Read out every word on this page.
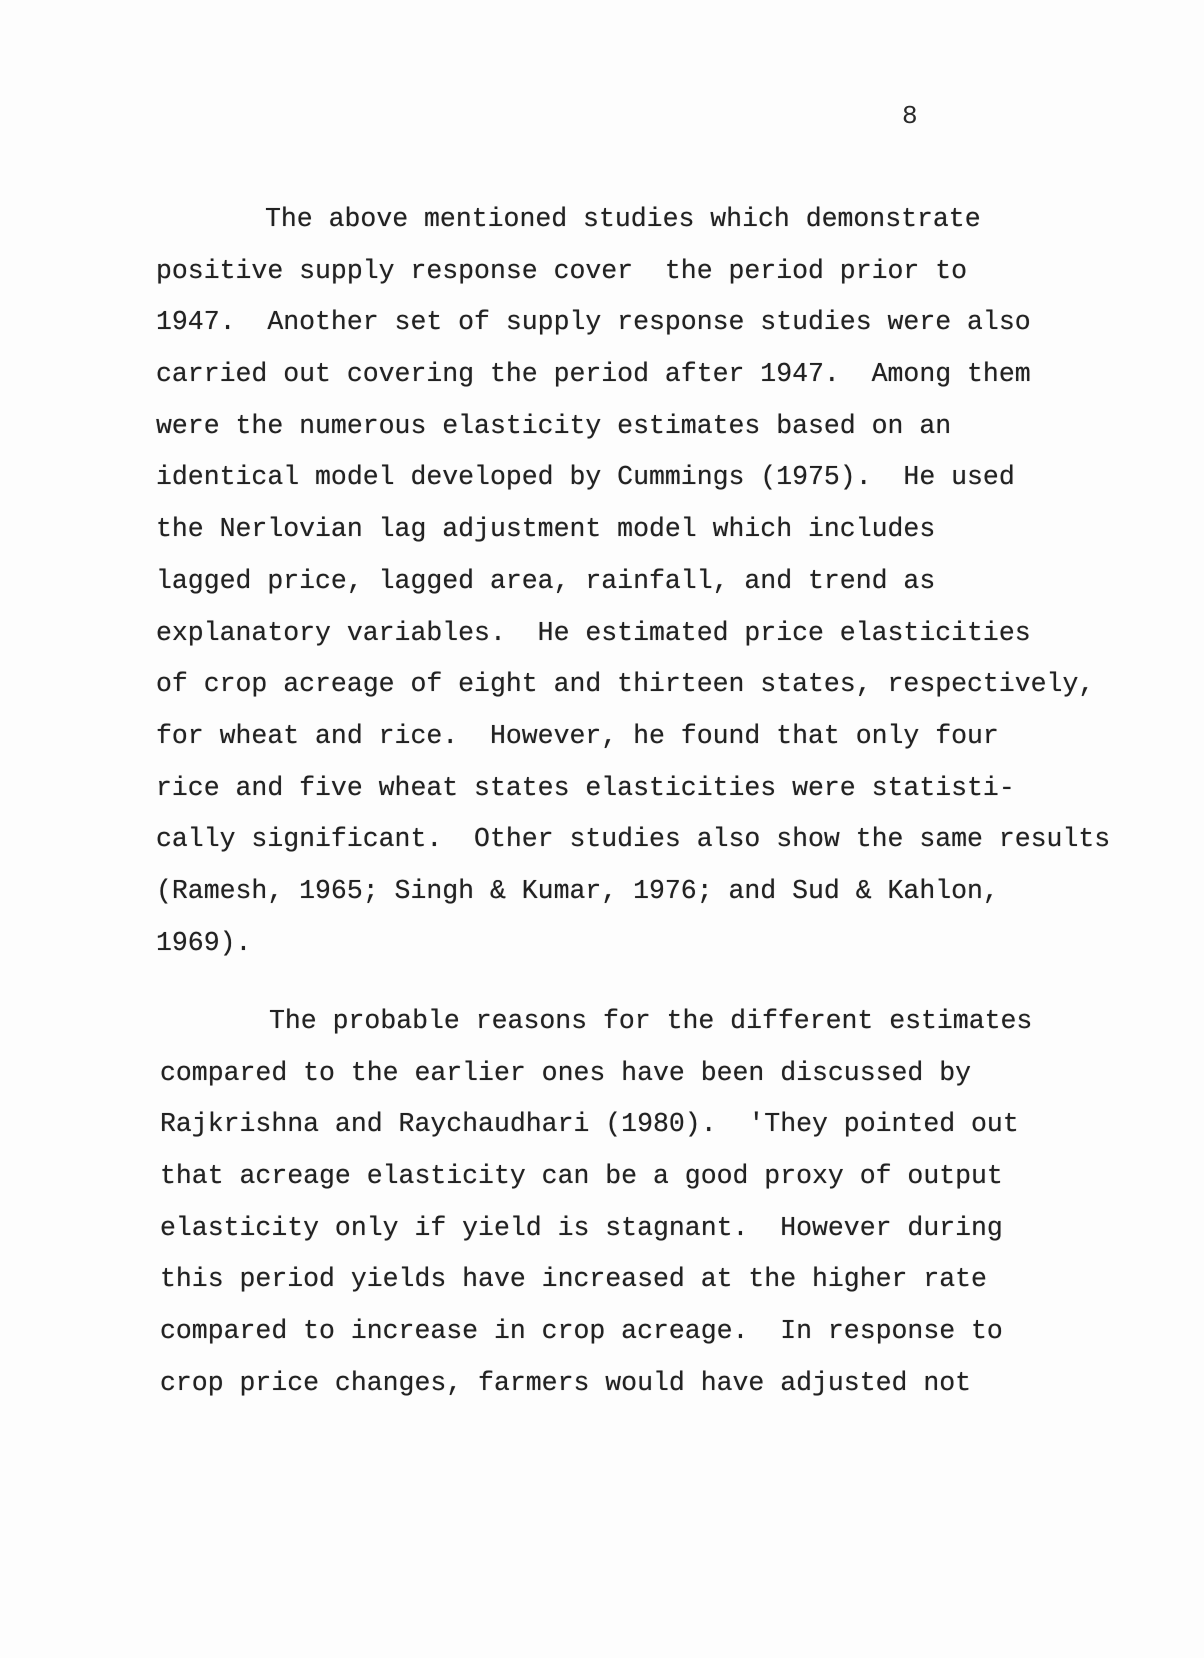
8
The above mentioned studies which demonstrate
positive supply response cover  the period prior to
1947.  Another set of supply response studies were also
carried out covering the period after 1947.  Among them
were the numerous elasticity estimates based on an
identical model developed by Cummings (1975).  He used
the Nerlovian lag adjustment model which includes
lagged price, lagged area, rainfall, and trend as
explanatory variables.  He estimated price elasticities
of crop acreage of eight and thirteen states, respectively,
for wheat and rice.  However, he found that only four
rice and five wheat states elasticities were statisti-
cally significant.  Other studies also show the same results
(Ramesh, 1965; Singh & Kumar, 1976; and Sud & Kahlon,
1969).
The probable reasons for the different estimates
compared to the earlier ones have been discussed by
Rajkrishna and Raychaudhari (1980).  'They pointed out
that acreage elasticity can be a good proxy of output
elasticity only if yield is stagnant.  However during
this period yields have increased at the higher rate
compared to increase in crop acreage.  In response to
crop price changes, farmers would have adjusted not
